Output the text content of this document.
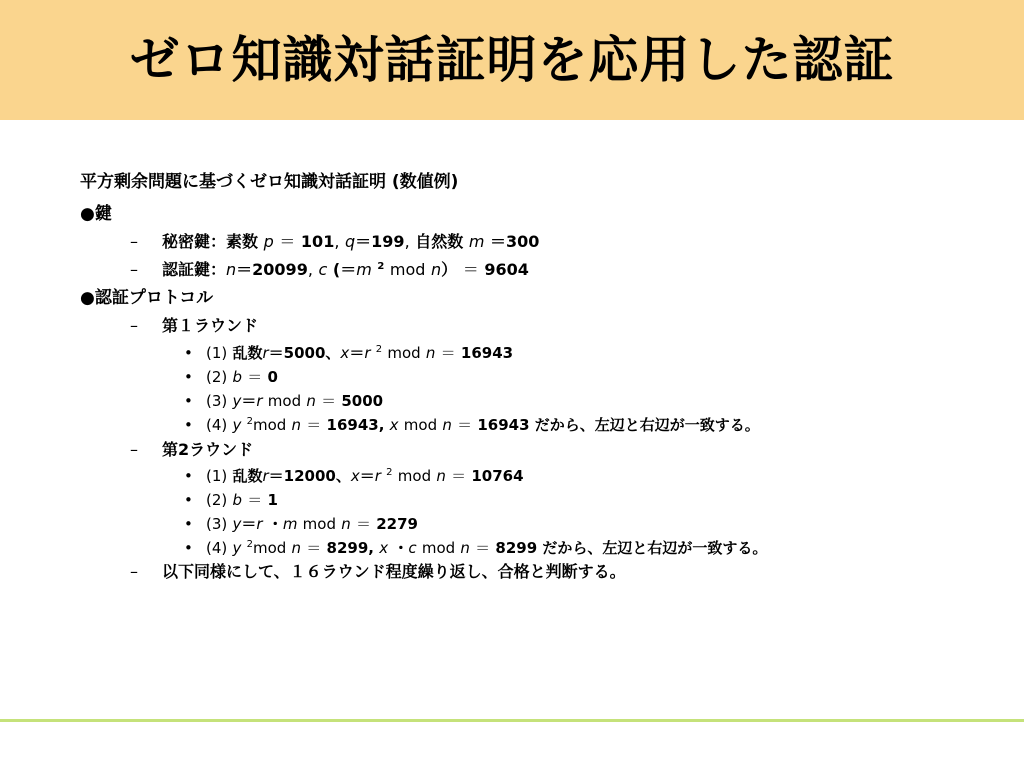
ゼロ知識対話証明を応用した認証
平方剰余問題に基づくゼロ知識対話証明 (数値例)
●鍵
– 秘密鍵：素数 p ＝ 101, q＝199, 自然数 m ＝300
– 認証鍵：n＝20099, c (＝m $^2$ mod n） ＝ 9604
●認証プロトコル
– 第１ラウンド
• (1) 乱数r＝5000、x＝r $^2$ mod n ＝ 16943
• (2) b ＝ 0
• (3) y＝r mod n ＝ 5000
• (4) y $^2$mod n ＝ 16943, x mod n ＝ 16943 だから、左辺と右辺が一致する。
– 第2ラウンド
• (1) 乱数r＝12000、x＝r $^2$ mod n ＝ 10764
• (2) b ＝ 1
• (3) y＝r ・m mod n ＝ 2279
• (4) y $^2$mod n ＝ 8299, x ・c mod n ＝ 8299 だから、左辺と右辺が一致する。
– 以下同様にして、１６ラウンド程度繰り返し、合格と判断する。
